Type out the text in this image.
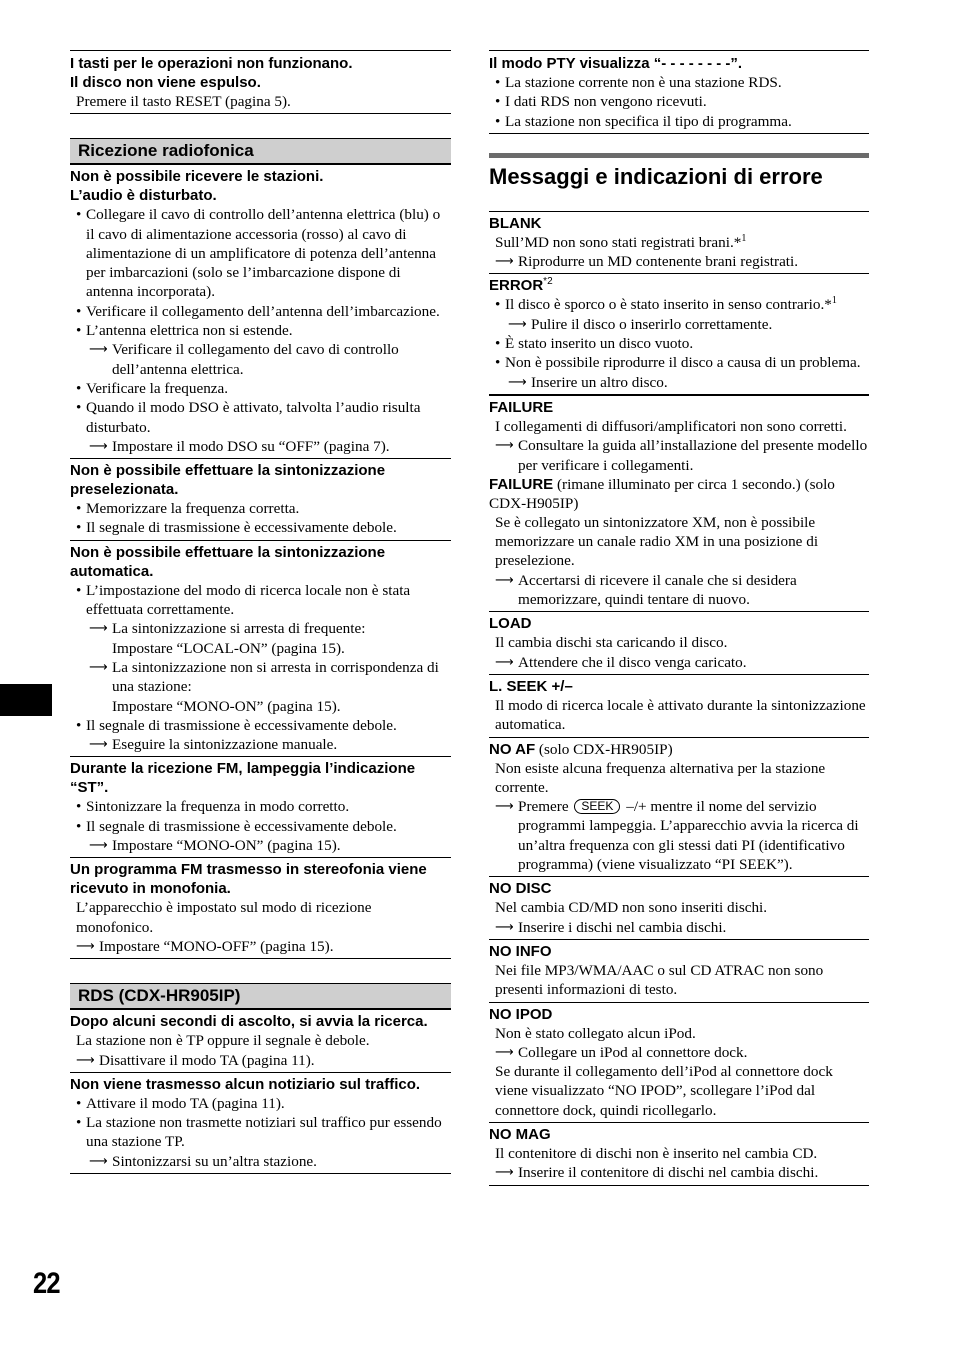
I tasti per le operazioni non funzionano.
Il disco non viene espulso.
Premere il tasto RESET (pagina 5).
Ricezione radiofonica
Non è possibile ricevere le stazioni.
L’audio è disturbato.
• Collegare il cavo di controllo dell’antenna elettrica (blu) o il cavo di alimentazione accessoria (rosso) al cavo di alimentazione di un amplificatore di potenza dell’antenna per imbarcazioni (solo se l’imbarcazione dispone di antenna incorporata).
• Verificare il collegamento dell’antenna dell’imbarcazione.
• L’antenna elettrica non si estende.
⟶ Verificare il collegamento del cavo di controllo dell’antenna elettrica.
• Verificare la frequenza.
• Quando il modo DSO è attivato, talvolta l’audio risulta disturbato.
⟶ Impostare il modo DSO su “OFF” (pagina 7).
Non è possibile effettuare la sintonizzazione preselezionata.
• Memorizzare la frequenza corretta.
• Il segnale di trasmissione è eccessivamente debole.
Non è possibile effettuare la sintonizzazione automatica.
• L’impostazione del modo di ricerca locale non è stata effettuata correttamente.
⟶ La sintonizzazione si arresta di frequente:
Impostare “LOCAL-ON” (pagina 15).
⟶ La sintonizzazione non si arresta in corrispondenza di una stazione:
Impostare “MONO-ON” (pagina 15).
• Il segnale di trasmissione è eccessivamente debole.
⟶ Eseguire la sintonizzazione manuale.
Durante la ricezione FM, lampeggia l’indicazione “ST”.
• Sintonizzare la frequenza in modo corretto.
• Il segnale di trasmissione è eccessivamente debole.
⟶ Impostare “MONO-ON” (pagina 15).
Un programma FM trasmesso in stereofonia viene ricevuto in monofonia.
L’apparecchio è impostato sul modo di ricezione monofonico.
⟶ Impostare “MONO-OFF” (pagina 15).
RDS (CDX-HR905IP)
Dopo alcuni secondi di ascolto, si avvia la ricerca.
La stazione non è TP oppure il segnale è debole.
⟶ Disattivare il modo TA (pagina 11).
Non viene trasmesso alcun notiziario sul traffico.
• Attivare il modo TA (pagina 11).
• La stazione non trasmette notiziari sul traffico pur essendo una stazione TP.
⟶ Sintonizzarsi su un’altra stazione.
Il modo PTY visualizza “- - - - - - - -”.
• La stazione corrente non è una stazione RDS.
• I dati RDS non vengono ricevuti.
• La stazione non specifica il tipo di programma.
Messaggi e indicazioni di errore
BLANK
Sull’MD non sono stati registrati brani.*$^1$
⟶ Riprodurre un MD contenente brani registrati.
ERROR$^{*2}$
• Il disco è sporco o è stato inserito in senso contrario.*$^1$
⟶ Pulire il disco o inserirlo correttamente.
• È stato inserito un disco vuoto.
• Non è possibile riprodurre il disco a causa di un problema.
⟶ Inserire un altro disco.
FAILURE
I collegamenti di diffusori/amplificatori non sono corretti.
⟶ Consultare la guida all’installazione del presente modello per verificare i collegamenti.
FAILURE (rimane illuminato per circa 1 secondo.) (solo CDX-H905IP)
Se è collegato un sintonizzatore XM, non è possibile memorizzare un canale radio XM in una posizione di preselezione.
⟶ Accertarsi di ricevere il canale che si desidera memorizzare, quindi tentare di nuovo.
LOAD
Il cambia dischi sta caricando il disco.
⟶ Attendere che il disco venga caricato.
L. SEEK +/–
Il modo di ricerca locale è attivato durante la sintonizzazione automatica.
NO AF (solo CDX-HR905IP)
Non esiste alcuna frequenza alternativa per la stazione corrente.
⟶ Premere SEEK –/+ mentre il nome del servizio programmi lampeggia. L’apparecchio avvia la ricerca di un’altra frequenza con gli stessi dati PI (identificativo programma) (viene visualizzato “PI SEEK”).
NO DISC
Nel cambia CD/MD non sono inseriti dischi.
⟶ Inserire i dischi nel cambia dischi.
NO INFO
Nei file MP3/WMA/AAC o sul CD ATRAC non sono presenti informazioni di testo.
NO IPOD
Non è stato collegato alcun iPod.
⟶ Collegare un iPod al connettore dock.
Se durante il collegamento dell’iPod al connettore dock viene visualizzato “NO IPOD”, scollegare l’iPod dal connettore dock, quindi ricollegarlo.
NO MAG
Il contenitore di dischi non è inserito nel cambia CD.
⟶ Inserire il contenitore di dischi nel cambia dischi.
22
